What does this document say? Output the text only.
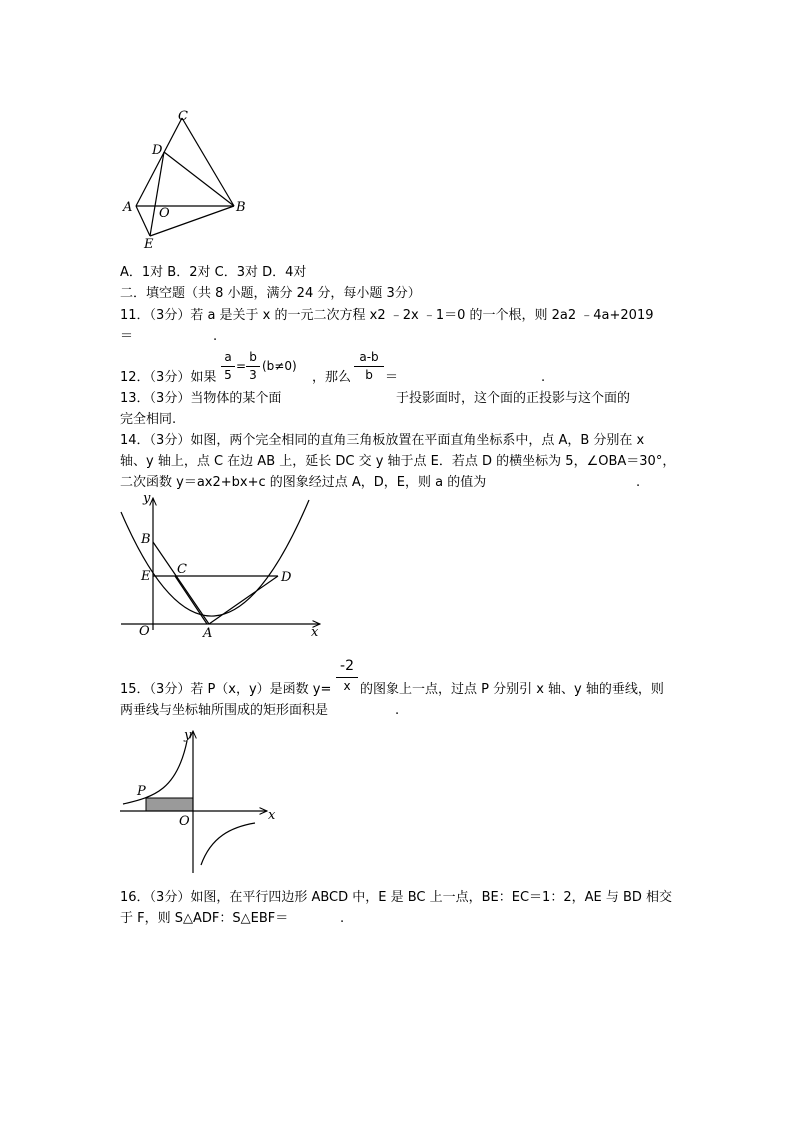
C
D
A O	B
E
A．1对 B．2对 C．3对 D．4对
二．填空题（共 8 小题，满分 24 分，每小题 3分）
11．（3分）若 a 是关于 x 的一元二次方程 x2 ﹣2x ﹣1＝0 的一个根，则 2a2 ﹣4a+2019
＝	.
12．（3分）如果
a
5
=
b
3
(b≠0)
，那么
a-b
b ＝	.
13．（3分）当物体的某个面	于投影面时，这个面的正投影与这个面的
完全相同.
14．（3分）如图，两个完全相同的直角三角板放置在平面直角坐标系中，点 A，B 分别在 x
轴、y 轴上，点 C 在边 AB 上，延长 DC 交 y 轴于点 E．若点 D 的横坐标为 5，∠OBA＝30°，
二次函数 y＝ax2+bx+c 的图象经过点 A，D，E，则 a 的值为	.
y
B
E C
D
O	A	x
-2
x
15．（3分）若 P（x，y）是函数 y= 的图象上一点，过点 P 分别引 x 轴、y 轴的垂线，则
两垂线与坐标轴所围成的矩形面积是	.
y
P
O	x
16．（3分）如图，在平行四边形 ABCD 中，E 是 BC 上一点，BE：EC＝1：2，AE 与 BD 相交
于 F，则 S△ADF：S△EBF＝	.
